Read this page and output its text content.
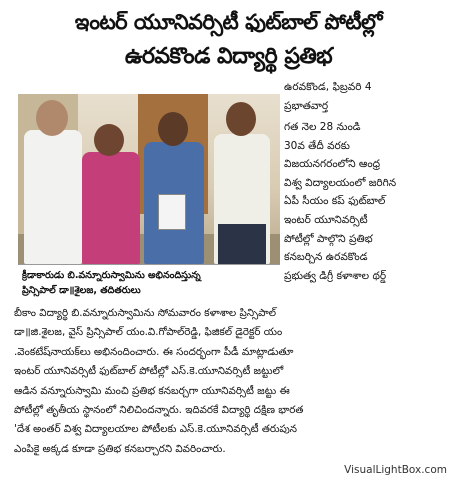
ఇంటర్ యూనివర్సిటీ ఫుట్‌బాల్ పోటీల్లో
ఉరవకొండ విద్యార్థి ప్రతిభ
క్రీడాకారుడు బి.వన్నూరుస్వామిను అభినందిస్తున్న
ప్రిన్సిపాల్ డా॥శైలజ, తదితరులు
ఉరవకొండ, ఫిబ్రవరి 4
ప్రభాతవార్త
గత నెల 28 నుండి
30వ తేదీ వరకు
విజయనగరంలోని ఆంధ్ర
విశ్వ విద్యాలయంలో జరిగిన
ఏపీ సీయం కప్ ఫుట్‌బాల్
ఇంటర్ యూనివర్సిటీ
పోటీల్లో పాల్గొని ప్రతిభ
కనబర్చిన ఉరవకొండ
ప్రభుత్వ డిగ్రీ కళాశాల థర్డ్
బీకాం విద్యార్థి బి.వన్నూరుస్వామిను సోమవారం కళాశాల ప్రిన్సిపాల్
డా॥జి.శైలజ, వైస్ ప్రిన్సిపాల్ యం.వి.గోపాల్‌రెడ్డి, ఫిజికల్ డైరెక్టర్ యం
.వెంకటేష్‌నాయక్‌లు అభినందించారు. ఈ సందర్భంగా పీడీ మాట్లాడుతూ
ఇంటర్ యూనివర్సిటీ ఫుట్‌బాల్ పోటీల్లో ఎస్.కె.యూనివర్సిటీ జట్టులో
ఆడిన వన్నూరుస్వామి మంచి ప్రతిభ కనబర్చగా యూనివర్సిటీ జట్టు ఈ
పోటీల్లో తృతీయ స్థానంలో నిలిచిందన్నారు. ఇదివరకే విద్యార్థి దక్షిణ భారత
'దేశ అంతర్ విశ్వ విద్యాలయాల పోటీలకు ఎస్.కె.యూనివర్సిటీ తరుపున
ఎంపికై అక్కడ కూడా ప్రతిభ కనబర్చారని వివరించారు.
VisualLightBox.com
